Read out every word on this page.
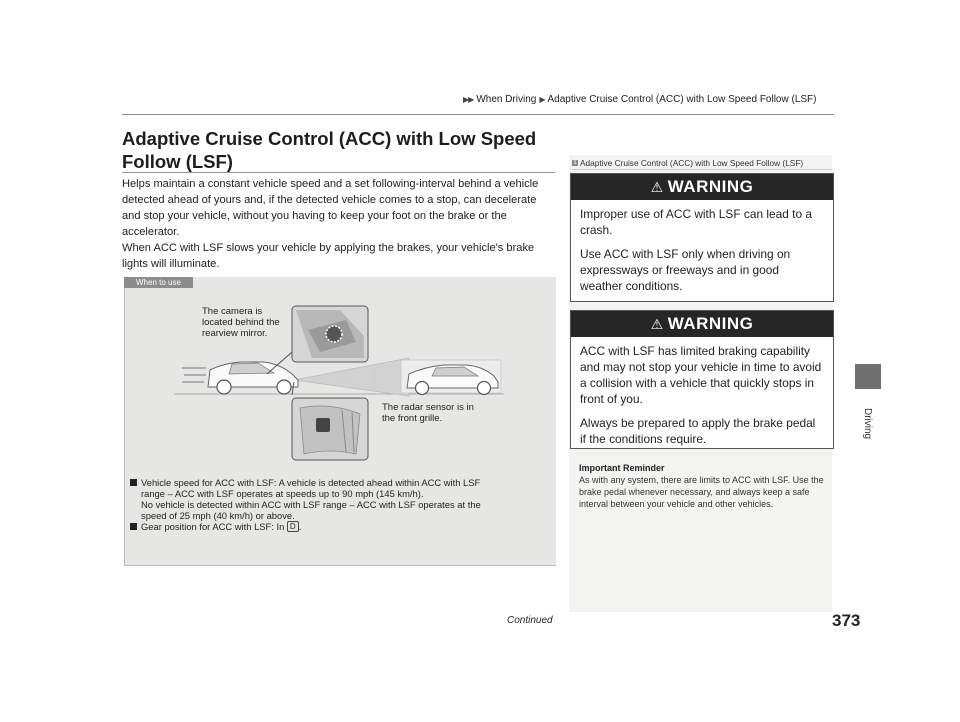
▶▶ When Driving ▶ Adaptive Cruise Control (ACC) with Low Speed Follow (LSF)
Driving
Adaptive Cruise Control (ACC) with Low Speed Follow (LSF)

Helps maintain a constant vehicle speed and a set following-interval behind a vehicle detected ahead of yours and, if the detected vehicle comes to a stop, can decelerate and stop your vehicle, without you having to keep your foot on the brake or the accelerator.

When ACC with LSF slows your vehicle by applying the brakes, your vehicle's brake lights will illuminate.

When to use
The camera is located behind the rearview mirror.
The radar sensor is in the front grille.
Vehicle speed for ACC with LSF: A vehicle is detected ahead within ACC with LSF
range – ACC with LSF operates at speeds up to 90 mph (145 km/h).
No vehicle is detected within ACC with LSF range – ACC with LSF operates at the
speed of 25 mph (40 km/h) or above.
Gear position for ACC with LSF: In
D .
1 Adaptive Cruise Control (ACC) with Low Speed Follow (LSF)
⚠ WARNING

Improper use of ACC with LSF can lead to a crash.

Use ACC with LSF only when driving on expressways or freeways and in good weather conditions.

⚠ WARNING

ACC with LSF has limited braking capability and may not stop your vehicle in time to avoid a collision with a vehicle that quickly stops in front of you.

Always be prepared to apply the brake pedal if the conditions require.

Important Reminder
As with any system, there are limits to ACC with LSF. Use the brake pedal whenever necessary, and always keep a safe interval between your vehicle and other vehicles.
Continued	373
